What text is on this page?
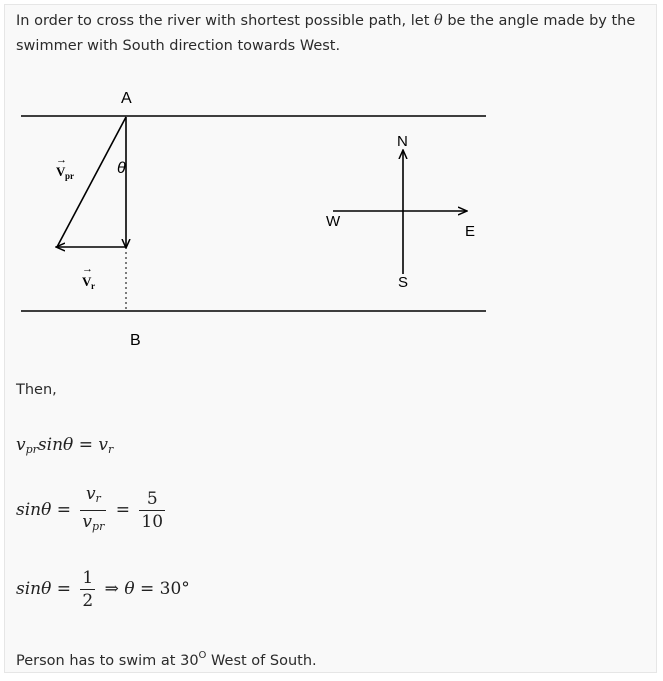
In order to cross the river with shortest possible path, let θ be the angle made by the swimmer with South direction towards West.
A
B
θ
→
V pr
→
V r
N
S
E
W
Then,
$v_{pr}\sin\theta = v_r$
$\sin\theta = \frac{v_r}{v_{pr}} = \frac{5}{10}$
$\sin\theta = \frac{1}{2}$ ⇒ θ = 30°
Person has to swim at $30^O$ West of South.
